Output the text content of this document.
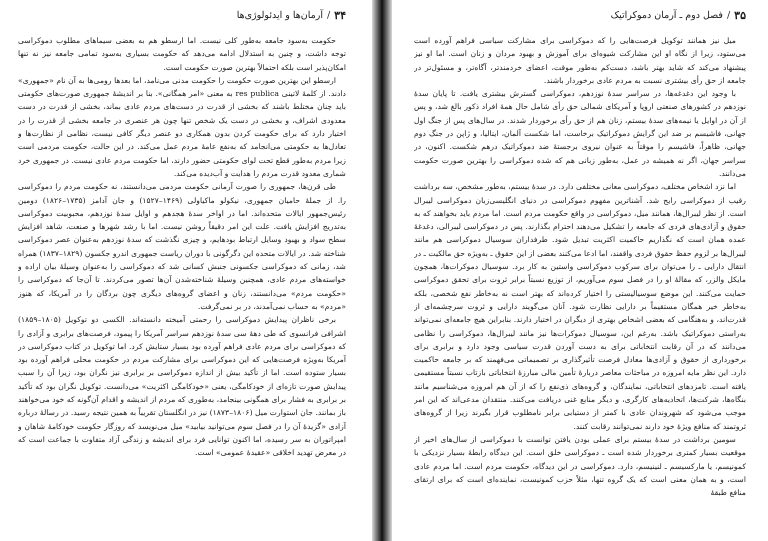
۳۴
/
آرمان‌ها و ایدئولوژی‌ها

حکومت به‌سود جامعه به‌طور کلی نیست. اما ارسطو هم به بعضی سیماهای مطلوب دموکراسی توجه داشت، و چنین به استدلال ادامه می‌دهد که حکومت بسیاری به‌سود تمامی جامعه نیز نه تنها امکان‌پذیر است بلکه احتمالاً بهترین صورت حکومت است.

ارسطو این بهترین صورت حکومت را حکومت مدنی می‌نامد، اما بعدها رومی‌ها به آن نام «جمهوری» دادند. از کلمهٔ لاتینی res publica به معنی «امر همگانی». بنا بر اندیشهٔ جمهوری صورت‌های حکومتی باید چنان مختلط باشند که بخشی از قدرت در دست‌های مردم عادی بماند، بخشی از قدرت در دست معدودی اشراف، و بخشی در دست یک شخص تنها چون هر عنصری در جامعه بخشی از قدرت را در اختیار دارد که برای حکومت کردن بدون همکاری دو عنصر دیگر کافی نیست، نظامی از نظارت‌ها و تعادل‌ها به حکومتی می‌انجامد که به‌نفع عامهٔ مردم عمل می‌کند. در این حالت، حکومت مردمی است زیرا مردم به‌طور قطع تحت لوای حکومتی حضور دارند، اما حکومت مردم عادی نیست. در جمهوری خرد شماری معدود قدرت مردم را هدایت و آب‌دیده می‌کند.

طی قرن‌ها، جمهوری را صورت آرمانی حکومت مردمی می‌دانستند، نه حکومت مردم را دموکراسی را. از جملهٔ حامیان جمهوری، نیکولو ماکیاولی (۱۴۶۹–۱۵۲۷) و جان آدامز (۱۷۳۵–۱۸۲۶) دومین رئیس‌جمهور ایالات متحده‌اند. اما در اواخر سدهٔ هجدهم و اوایل سدهٔ نوزدهم، محبوبیت دموکراسی به‌تدریج افزایش یافت. علت این امر دقیقاً روشن نیست. اما با رشد شهرها و صنعت، شاهد افزایش سطح سواد و بهبود وسایل ارتباط بودهایم، و چیزی نگذشت که سدهٔ نوزدهم به‌عنوان عصر دموکراسی شناخته شد. در ایالات متحده این دگرگونی با دوران ریاست جمهوری اندرو جکسون (۱۸۲۹–۱۸۳۷) همراه شد، زمانی که دموکراسی جکسونی جنبش کسانی شد که دموکراسی را به‌عنوان وسیلهٔ بیان اراده و خواسته‌های مردم عادی، همچنین وسیلهٔ شناخته‌شدن آن‌ها تصور می‌کردند. تا آن‌جا که دموکراسی را «حکومت مردم» می‌دانستند، زنان و اعضای گروه‌های دیگری چون بردگان را در آمریکا، که هنوز «مردم» به حساب نمی‌آمدند، در بر نمی‌گرفت.

برخی ناظران پیدایش دموکراسی را رحمتی آمیخته دانسته‌اند. الکسی دو توکویل (۱۸۰۵–۱۸۵۹) اشرافی فرانسوی که طی دههٔ سی سدهٔ نوزدهم سراسر آمریکا را پیمود، فرصت‌های برابری و آزادی را که دموکراسی برای مردم عادی فراهم آورده بود بسیار ستایش کرد. اما توکویل در کتاب دموکراسی در آمریکا به‌ویژه فرصت‌هایی که این دموکراسی برای مشارکت مردم در حکومت محلی فراهم آورده بود بسیار ستوده است. اما از تأکید بیش از اندازه دموکراسی بر برابری نیز نگران بود، زیرا آن را سبب پیدایش صورت تازه‌ای از خودکامگی، یعنی «خودکامگی اکثریت» می‌دانست. توکویل نگران بود که تأکید بر برابری به فشار برای همگونی بینجامد، به‌طوری که مردم از اندیشه و اقدام آن‌گونه که خود می‌خواهند باز بمانند. جان استوارت میل (۱۸۰۶–۱۸۷۳) نیز در انگلستان تقریباً به همین نتیجه رسید. در رسالهٔ درباره آزادی «گزیدهٔ آن را در فصل سوم می‌توانید بیابید» میل می‌نویسد که روزگار حکومت خودکامهٔ شاهان و امپراتوران به سر رسیده، اما اکنون توانایی فرد برای اندیشه و زندگی آزاد متفاوت با جماعت است که در معرض تهدید اخلاقی «عقیدهٔ عمومی» است.

۳۵
/
فصل دوم ـ آرمان دموکراتیک

میل نیز همانند توکویل فرصت‌هایی را که دموکراسی برای مشارکت سیاسی فراهم آورده است می‌ستود، زیرا از نگاه او این مشارکت شیوه‌ای برای آموزش و بهبود مردان و زنان است. اما او نیز پیشنهاد می‌کند که شاید بهتر باشد، دست‌کم به‌طور موقت، اعضای خردمندتر، آگاه‌تر، و مسئول‌تر در جامعه از حق رأی بیشتری نسبت به مردم عادی برخوردار باشند.

با وجود این دغدغه‌ها، در سراسر سدهٔ نوزدهم، دموکراسی گسترش بیشتری یافت. تا پایان سدهٔ نوزدهم در کشورهای صنعتی اروپا و آمریکای شمالی حق رأی شامل حال همهٔ افراد ذکور بالغ شد، و پس از آن در اوایل یا نیمه‌های سدهٔ بیستم، زنان هم از حق رأی برخوردار شدند. در سال‌های پس از جنگ اول جهانی، فاشیسم بر ضد این گرایش دموکراتیک برخاست، اما شکست آلمان، ایتالیا، و ژاپن در جنگ دوم جهانی، ظاهراً، فاشیسم را موقتاً به عنوان نیروی برجستهٔ ضد دموکراتیک درهم شکست. اکنون، در سراسر جهان، اگر نه همیشه در عمل، به‌طور زبانی هم که شده دموکراسی را بهترین صورت حکومت می‌دانند.

اما نزد اشخاص مختلف، دموکراسی معانی مختلفی دارد. در سدهٔ بیستم، به‌طور مشخص، سه برداشت رقیب از دموکراسی رایج شد. آشناترین مفهوم دموکراسی در دنیای انگلیسی‌زبان دموکراسی لیبرال است. از نظر لیبرال‌ها، همانند میل، دموکراسی در واقع حکومت مردم است. اما مردم باید بخواهند که به حقوق و آزادی‌های فردی که جامعه را تشکیل می‌دهند احترام بگذارند. پس در دموکراسی لیبرالی، دغدغهٔ عمده همان است که نگذاریم حاکمیت اکثریت تبدیل شود. طرفداران سوسیال دموکراسی هم مانند لیبرال‌ها بر لزوم حفظ حقوق فردی واقفند، اما ادعا می‌کنند بعضی از این حقوق ـ به‌ویژه حق مالکیت ـ در انتقال دارایی ـ را می‌توان برای سرکوب دموکراسی واستین به کار برد. سوسیال دموکرات‌ها، همچون مایکل والزر، که مقالهٔ او را در فصل سوم می‌آوریم، از توزیع نسبتاً برابر ثروت برای تحقق دموکراسی حمایت می‌کنند. این موضع سوسیالیستی را اختیار کرده‌اند که بهتر است نه به‌خاطر نفع شخصی، بلکه به‌خاطر خیر همگان مستقیماً بر دارایی نظارت شود. آنان می‌گویند دارایی و ثروت سرچشمه‌ای از قدرت‌اند، و به‌هنگامی که بعضی اشخاص بهتری از دیگران در اختیار دارند. بنابراین هیچ جامعه‌ای نمی‌تواند به‌راستی دموکراتیک باشد. به‌رغم این، سوسیال دموکرات‌ها نیز مانند لیبرال‌ها، دموکراسی را نظامی می‌دانند که در آن رقابت انتخاباتی برای به دست آوردن قدرت سیاسی وجود دارد و برابری برای برخورداری از حقوق و آزادی‌ها معادل فرصت تأثیرگذاری بر تصمیماتی می‌فهمند که بر جامعه حاکمیت دارد. این نظر مایه امروزه در مباحثات معاصر دربارهٔ تأمین مالی مبارزهٔ انتخاباتی بازتاب نسبتاً مستقیمی یافته است. تامزدهای انتخاباتی، نمایندگان، و گروه‌های ذی‌نفع را که از آن هم امروزه می‌شناسیم مانند بنگاه‌ها، شرکت‌ها، اتحادیه‌های کارگری، و دیگر منابع غنی دریافت می‌کنند. منتقدان مدعی‌اند که این امر موجب می‌شود که شهروندان عادی با کمتر از دستیابی برابر نامطلوب قرار بگیرند زیرا از گروه‌های ثروتمند که منافع ویژهٔ خود دارند نمی‌توانند رقابت کنند.

سومین برداشت در سدهٔ بیستم برای عملی بودن یافتن توانست با دموکراسی از سال‌های اخیر از موقعیت بسیار کمتری برخوردار شده است ـ دموکراسی خلق است. این دیدگاه رابطهٔ بسیار نزدیکی با کمونیسم، یا مارکسیسم ـ لنینیسم، دارد. دموکراسی در این دیدگاه، حکومت مردم است. اما مردم عادی است، و به همان معنی است که یک گروه تنها، مثلاً حزب کمونیست، نماینده‌ای است که برای ارتقای منافع طبقهٔ
